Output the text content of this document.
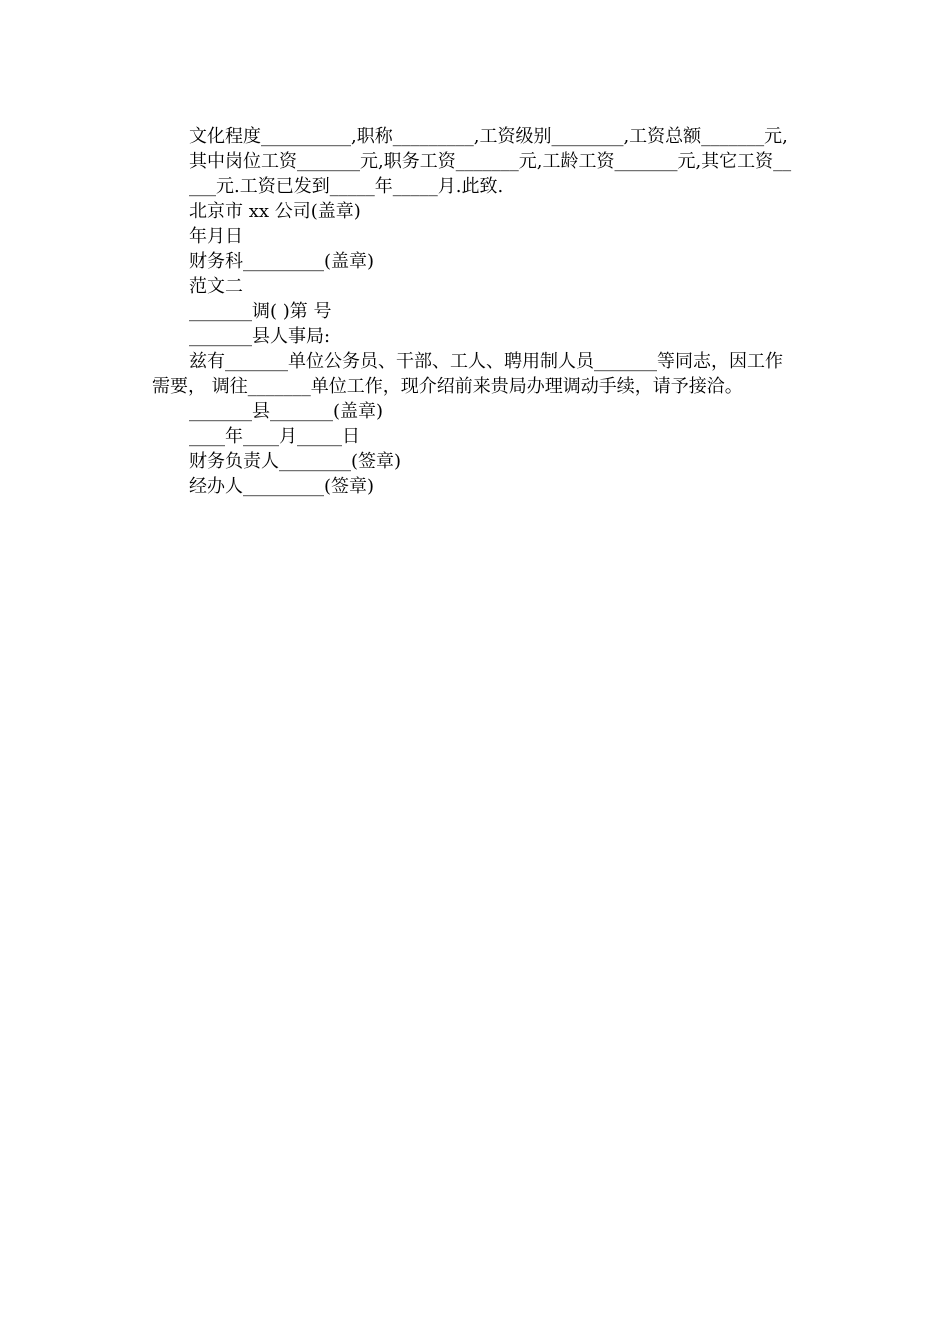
文化程度__________,职称_________,工资级别________,工资总额_______元,
其中岗位工资_______元,职务工资_______元,工龄工资_______元,其它工资__
___元.工资已发到_____年_____月.此致.
北京市 xx 公司(盖章)
年月日
财务科_________(盖章)
范文二
_______调( )第 号
_______县人事局:
兹有_______单位公务员、干部、工人、聘用制人员_______等同志，因工作需要， 调往_______单位工作，现介绍前来贵局办理调动手续，请予接洽。
_______县_______(盖章)
____年____月_____日
财务负责人________(签章)
经办人_________(签章)
